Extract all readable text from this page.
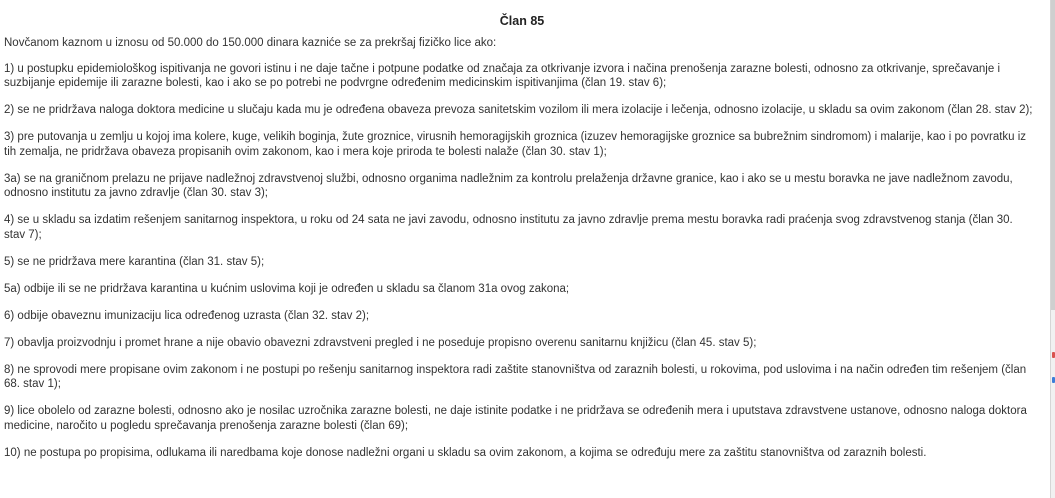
Član 85
Novčanom kaznom u iznosu od 50.000 do 150.000 dinara kazniće se za prekršaj fizičko lice ako:
1) u postupku epidemiološkog ispitivanja ne govori istinu i ne daje tačne i potpune podatke od značaja za otkrivanje izvora i načina prenošenja zarazne bolesti, odnosno za otkrivanje, sprečavanje i suzbijanje epidemije ili zarazne bolesti, kao i ako se po potrebi ne podvrgne određenim medicinskim ispitivanjima (član 19. stav 6);
2) se ne pridržava naloga doktora medicine u slučaju kada mu je određena obaveza prevoza sanitetskim vozilom ili mera izolacije i lečenja, odnosno izolacije, u skladu sa ovim zakonom (član 28. stav 2);
3) pre putovanja u zemlju u kojoj ima kolere, kuge, velikih boginja, žute groznice, virusnih hemoragijskih groznica (izuzev hemoragijske groznice sa bubrežnim sindromom) i malarije, kao i po povratku iz tih zemalja, ne pridržava obaveza propisanih ovim zakonom, kao i mera koje priroda te bolesti nalaže (član 30. stav 1);
3a) se na graničnom prelazu ne prijave nadležnoj zdravstvenoj službi, odnosno organima nadležnim za kontrolu prelaženja državne granice, kao i ako se u mestu boravka ne jave nadležnom zavodu, odnosno institutu za javno zdravlje (član 30. stav 3);
4) se u skladu sa izdatim rešenjem sanitarnog inspektora, u roku od 24 sata ne javi zavodu, odnosno institutu za javno zdravlje prema mestu boravka radi praćenja svog zdravstvenog stanja (član 30. stav 7);
5) se ne pridržava mere karantina (član 31. stav 5);
5a) odbije ili se ne pridržava karantina u kućnim uslovima koji je određen u skladu sa članom 31a ovog zakona;
6) odbije obaveznu imunizaciju lica određenog uzrasta (član 32. stav 2);
7) obavlja proizvodnju i promet hrane a nije obavio obavezni zdravstveni pregled i ne poseduje propisno overenu sanitarnu knjižicu (član 45. stav 5);
8) ne sprovodi mere propisane ovim zakonom i ne postupi po rešenju sanitarnog inspektora radi zaštite stanovništva od zaraznih bolesti, u rokovima, pod uslovima i na način određen tim rešenjem (član 68. stav 1);
9) lice obolelo od zarazne bolesti, odnosno ako je nosilac uzročnika zarazne bolesti, ne daje istinite podatke i ne pridržava se određenih mera i uputstava zdravstvene ustanove, odnosno naloga doktora medicine, naročito u pogledu sprečavanja prenošenja zarazne bolesti (član 69);
10) ne postupa po propisima, odlukama ili naredbama koje donose nadležni organi u skladu sa ovim zakonom, a kojima se određuju mere za zaštitu stanovništva od zaraznih bolesti.
